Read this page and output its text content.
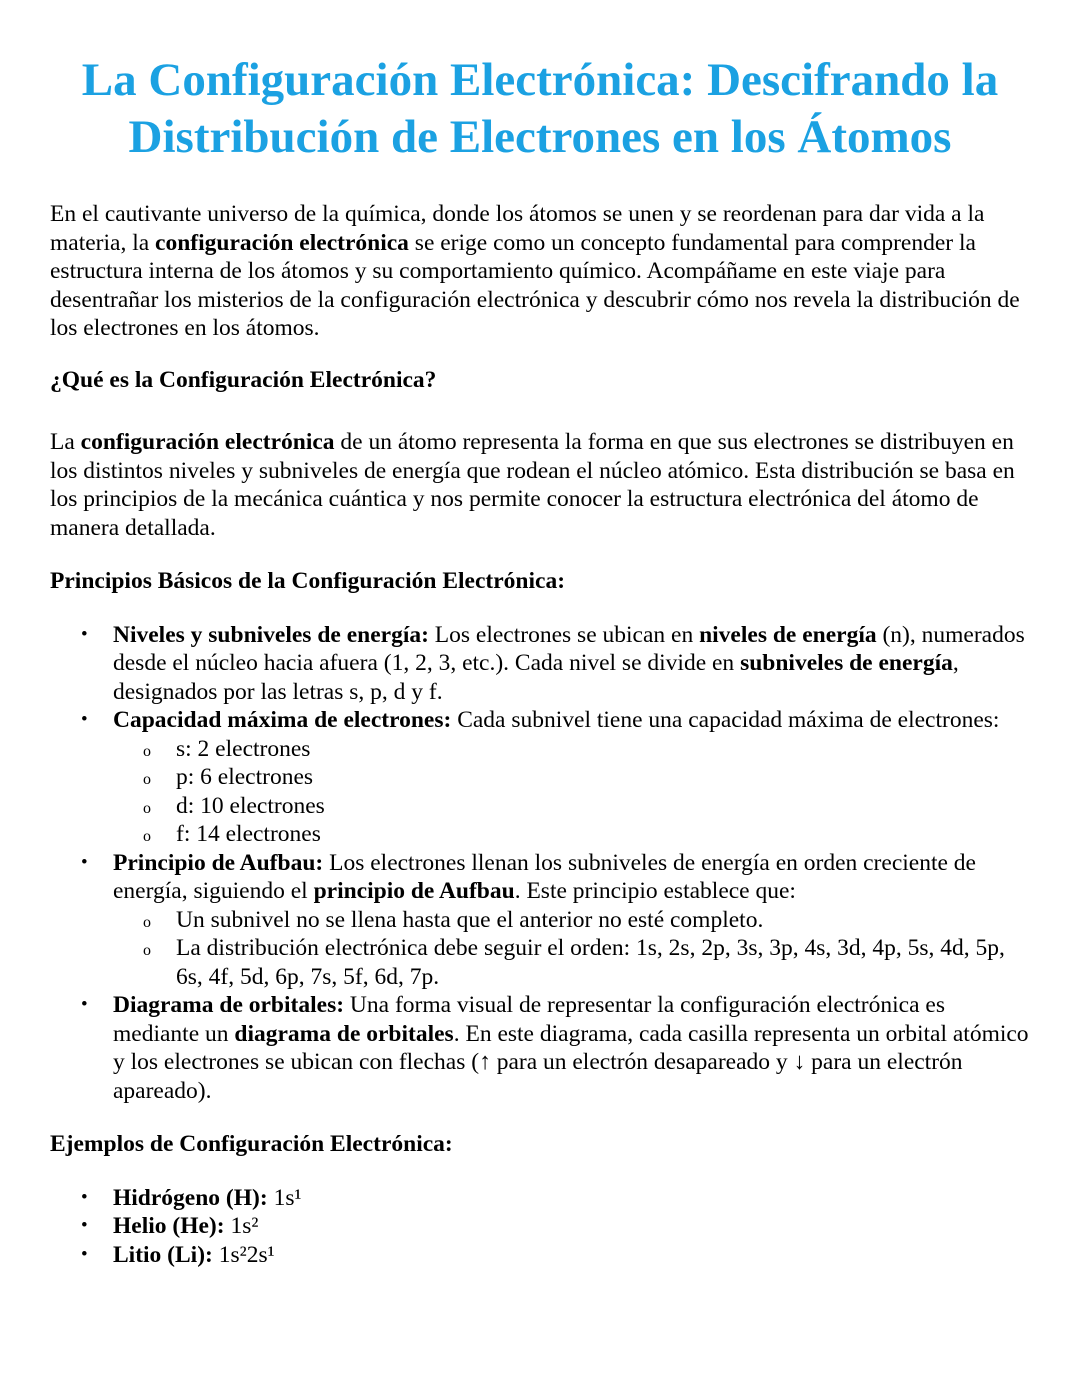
La Configuración Electrónica: Descifrando la Distribución de Electrones en los Átomos

En el cautivante universo de la química, donde los átomos se unen y se reordenan para dar vida a la materia, la configuración electrónica se erige como un concepto fundamental para comprender la estructura interna de los átomos y su comportamiento químico. Acompáñame en este viaje para desentrañar los misterios de la configuración electrónica y descubrir cómo nos revela la distribución de los electrones en los átomos.

¿Qué es la Configuración Electrónica?

La configuración electrónica de un átomo representa la forma en que sus electrones se distribuyen en los distintos niveles y subniveles de energía que rodean el núcleo atómico. Esta distribución se basa en los principios de la mecánica cuántica y nos permite conocer la estructura electrónica del átomo de manera detallada.

Principios Básicos de la Configuración Electrónica:
• Niveles y subniveles de energía: Los electrones se ubican en niveles de energía (n), numerados desde el núcleo hacia afuera (1, 2, 3, etc.). Cada nivel se divide en subniveles de energía, designados por las letras s, p, d y f.
• Capacidad máxima de electrones: Cada subnivel tiene una capacidad máxima de electrones:
o s: 2 electrones
o p: 6 electrones
o d: 10 electrones
o f: 14 electrones
• Principio de Aufbau: Los electrones llenan los subniveles de energía en orden creciente de energía, siguiendo el principio de Aufbau. Este principio establece que:
o Un subnivel no se llena hasta que el anterior no esté completo.
o La distribución electrónica debe seguir el orden: 1s, 2s, 2p, 3s, 3p, 4s, 3d, 4p, 5s, 4d, 5p, 6s, 4f, 5d, 6p, 7s, 5f, 6d, 7p.
• Diagrama de orbitales: Una forma visual de representar la configuración electrónica es mediante un diagrama de orbitales. En este diagrama, cada casilla representa un orbital atómico y los electrones se ubican con flechas (↑ para un electrón desapareado y ↓ para un electrón apareado).
Ejemplos de Configuración Electrónica:
• Hidrógeno (H): 1s¹
• Helio (He): 1s²
• Litio (Li): 1s²2s¹
